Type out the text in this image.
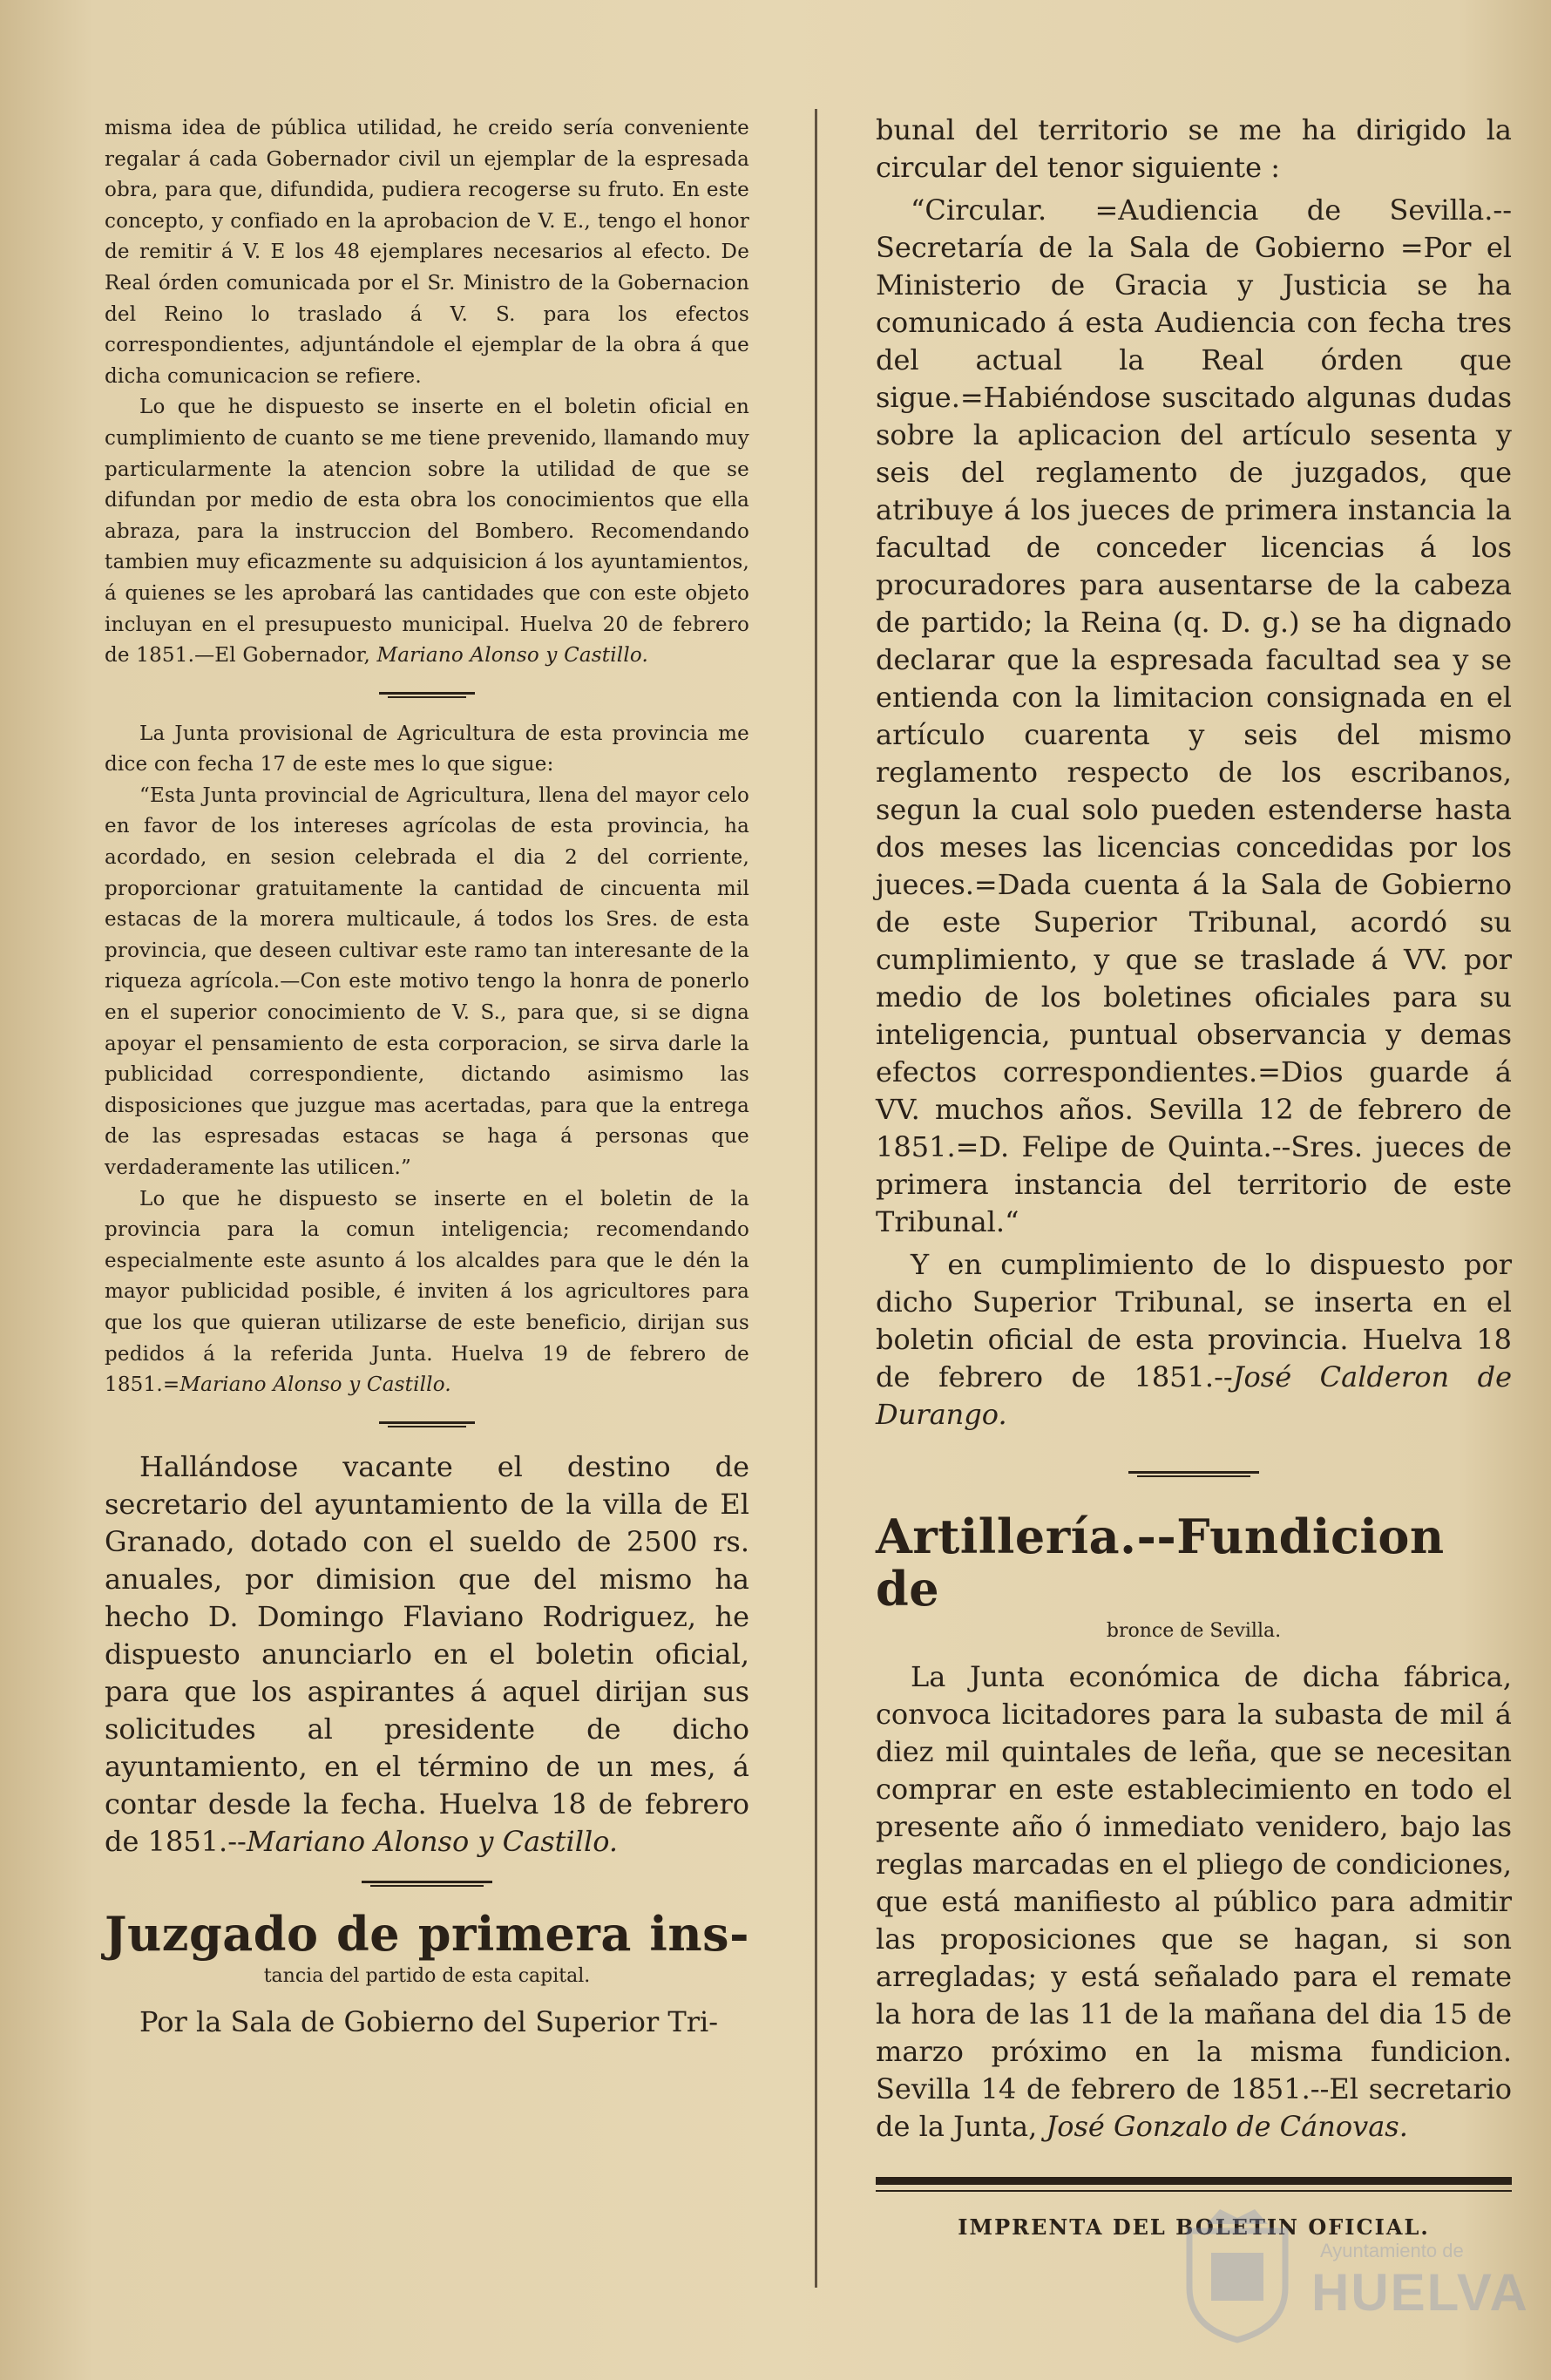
misma idea de pública utilidad, he creido sería conveniente regalar á cada Gobernador civil un ejemplar de la espresada obra, para que, difundida, pudiera recogerse su fruto. En este concepto, y confiado en la aprobacion de V. E., tengo el honor de remitir á V. E los 48 ejemplares necesarios al efecto. De Real órden comunicada por el Sr. Ministro de la Gobernacion del Reino lo traslado á V. S. para los efectos correspondientes, adjuntándole el ejemplar de la obra á que dicha comunicacion se refiere.

Lo que he dispuesto se inserte en el boletin oficial en cumplimiento de cuanto se me tiene prevenido, llamando muy particularmente la atencion sobre la utilidad de que se difundan por medio de esta obra los conocimientos que ella abraza, para la instruccion del Bombero. Recomendando tambien muy eficazmente su adquisicion á los ayuntamientos, á quienes se les aprobará las cantidades que con este objeto incluyan en el presupuesto municipal. Huelva 20 de febrero de 1851.—El Gobernador, Mariano Alonso y Castillo.

La Junta provisional de Agricultura de esta provincia me dice con fecha 17 de este mes lo que sigue:

“Esta Junta provincial de Agricultura, llena del mayor celo en favor de los intereses agrícolas de esta provincia, ha acordado, en sesion celebrada el dia 2 del corriente, proporcionar gratuitamente la cantidad de cincuenta mil estacas de la morera multicaule, á todos los Sres. de esta provincia, que deseen cultivar este ramo tan interesante de la riqueza agrícola.—Con este motivo tengo la honra de ponerlo en el superior conocimiento de V. S., para que, si se digna apoyar el pensamiento de esta corporacion, se sirva darle la publicidad correspondiente, dictando asimismo las disposiciones que juzgue mas acertadas, para que la entrega de las espresadas estacas se haga á personas que verdaderamente las utilicen.”

Lo que he dispuesto se inserte en el boletin de la provincia para la comun inteligencia; recomendando especialmente este asunto á los alcaldes para que le dén la mayor publicidad posible, é inviten á los agricultores para que los que quieran utilizarse de este beneficio, dirijan sus pedidos á la referida Junta. Huelva 19 de febrero de 1851.=Mariano Alonso y Castillo.

Hallándose vacante el destino de secretario del ayuntamiento de la villa de El Granado, dotado con el sueldo de 2500 rs. anuales, por dimision que del mismo ha hecho D. Domingo Flaviano Rodriguez, he dispuesto anunciarlo en el boletin oficial, para que los aspirantes á aquel dirijan sus solicitudes al presidente de dicho ayuntamiento, en el término de un mes, á contar desde la fecha. Huelva 18 de febrero de 1851.--Mariano Alonso y Castillo.

Juzgado de primera ins-
tancia del partido de esta capital.

Por la Sala de Gobierno del Superior Tri-

bunal del territorio se me ha dirigido la circular del tenor siguiente :

“Circular. =Audiencia de Sevilla.--Secretaría de la Sala de Gobierno =Por el Ministerio de Gracia y Justicia se ha comunicado á esta Audiencia con fecha tres del actual la Real órden que sigue.=Habiéndose suscitado algunas dudas sobre la aplicacion del artículo sesenta y seis del reglamento de juzgados, que atribuye á los jueces de primera instancia la facultad de conceder licencias á los procuradores para ausentarse de la cabeza de partido; la Reina (q. D. g.) se ha dignado declarar que la espresada facultad sea y se entienda con la limitacion consignada en el artículo cuarenta y seis del mismo reglamento respecto de los escribanos, segun la cual solo pueden estenderse hasta dos meses las licencias concedidas por los jueces.=Dada cuenta á la Sala de Gobierno de este Superior Tribunal, acordó su cumplimiento, y que se traslade á VV. por medio de los boletines oficiales para su inteligencia, puntual observancia y demas efectos correspondientes.=Dios guarde á VV. muchos años. Sevilla 12 de febrero de 1851.=D. Felipe de Quinta.--Sres. jueces de primera instancia del territorio de este Tribunal.“

Y en cumplimiento de lo dispuesto por dicho Superior Tribunal, se inserta en el boletin oficial de esta provincia. Huelva 18 de febrero de 1851.--José Calderon de Durango.

Artillería.--Fundicion de
bronce de Sevilla.

La Junta económica de dicha fábrica, convoca licitadores para la subasta de mil á diez mil quintales de leña, que se necesitan comprar en este establecimiento en todo el presente año ó inmediato venidero, bajo las reglas marcadas en el pliego de condiciones, que está manifiesto al público para admitir las proposiciones que se hagan, si son arregladas; y está señalado para el remate la hora de las 11 de la mañana del dia 15 de marzo próximo en la misma fundicion. Sevilla 14 de febrero de 1851.--El secretario de la Junta, José Gonzalo de Cánovas.

IMPRENTA DEL BOLETIN OFICIAL.
Ayuntamiento de
HUELVA
